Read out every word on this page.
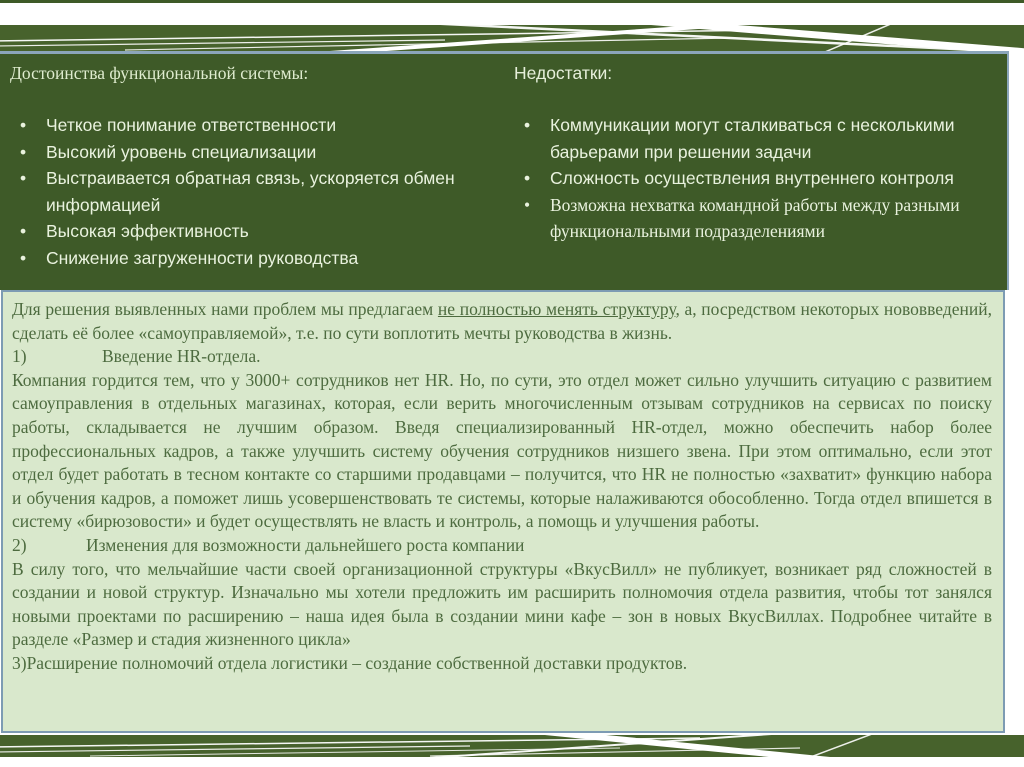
Достоинства функциональной системы:
•	Четкое понимание ответственности
•	Высокий уровень специализации
•	Выстраивается обратная связь, ускоряется обмен информацией
•	Высокая эффективность
•	Снижение загруженности руководства
Недостатки:
•	Коммуникации могут сталкиваться с несколькими барьерами при решении задачи
•	Сложность осуществления внутреннего контроля
•	Возможна нехватка командной работы между разными функциональными подразделениями

Для решения выявленных нами проблем мы предлагаем не полностью менять структуру, а, посредством некоторых нововведений, сделать её более «самоуправляемой», т.е. по сути воплотить мечты руководства в жизнь.

1)	Введение HR-отдела.

Компания гордится тем, что у 3000+ сотрудников нет HR. Но, по сути, это отдел может сильно улучшить ситуацию с развитием самоуправления в отдельных магазинах, которая, если верить многочисленным отзывам сотрудников на сервисах по поиску работы, складывается не лучшим образом. Введя специализированный HR-отдел, можно обеспечить набор более профессиональных кадров, а также улучшить систему обучения сотрудников низшего звена. При этом оптимально, если этот отдел будет работать в тесном контакте со старшими продавцами – получится, что HR не полностью «захватит» функцию набора и обучения кадров, а поможет лишь усовершенствовать те системы, которые налаживаются обособленно. Тогда отдел впишется в систему «бирюзовости» и будет осуществлять не власть и контроль, а помощь и улучшения работы.

2)	Изменения для возможности дальнейшего роста компании

В силу того, что мельчайшие части своей организационной структуры «ВкусВилл» не публикует, возникает ряд сложностей в создании и новой структур. Изначально мы хотели предложить им расширить полномочия отдела развития, чтобы тот занялся новыми проектами по расширению – наша идея была в создании мини кафе – зон в новых ВкусВиллах. Подробнее читайте в разделе «Размер и стадия жизненного цикла»

3)Расширение полномочий отдела логистики – создание собственной доставки продуктов.
